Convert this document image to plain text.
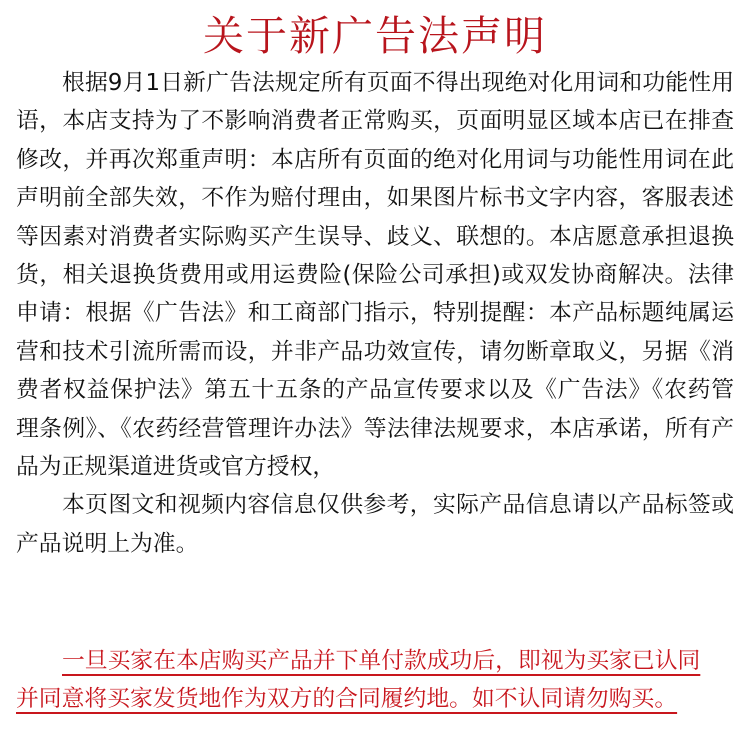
关于新广告法声明

根据9月1日新广告法规定所有页面不得出现绝对化用词和功能性用语，本店支持为了不影响消费者正常购买，页面明显区域本店已在排查修改，并再次郑重声明：本店所有页面的绝对化用词与功能性用词在此声明前全部失效，不作为赔付理由，如果图片标书文字内容，客服表述等因素对消费者实际购买产生误导、歧义、联想的。本店愿意承担退换货，相关退换货费用或用运费险(保险公司承担)或双发协商解决。法律申请：根据《广告法》和工商部门指示，特别提醒：本产品标题纯属运营和技术引流所需而设，并非产品功效宣传，请勿断章取义，另据《消费者权益保护法》第五十五条的产品宣传要求以及《广告法》《农药管理条例》、《农药经营管理许办法》等法律法规要求，本店承诺，所有产品为正规渠道进货或官方授权，

本页图文和视频内容信息仅供参考，实际产品信息请以产品标签或产品说明上为准。

一旦买家在本店购买产品并下单付款成功后，即视为买家已认同
并同意将买家发货地作为双方的合同履约地。如不认同请勿购买。
